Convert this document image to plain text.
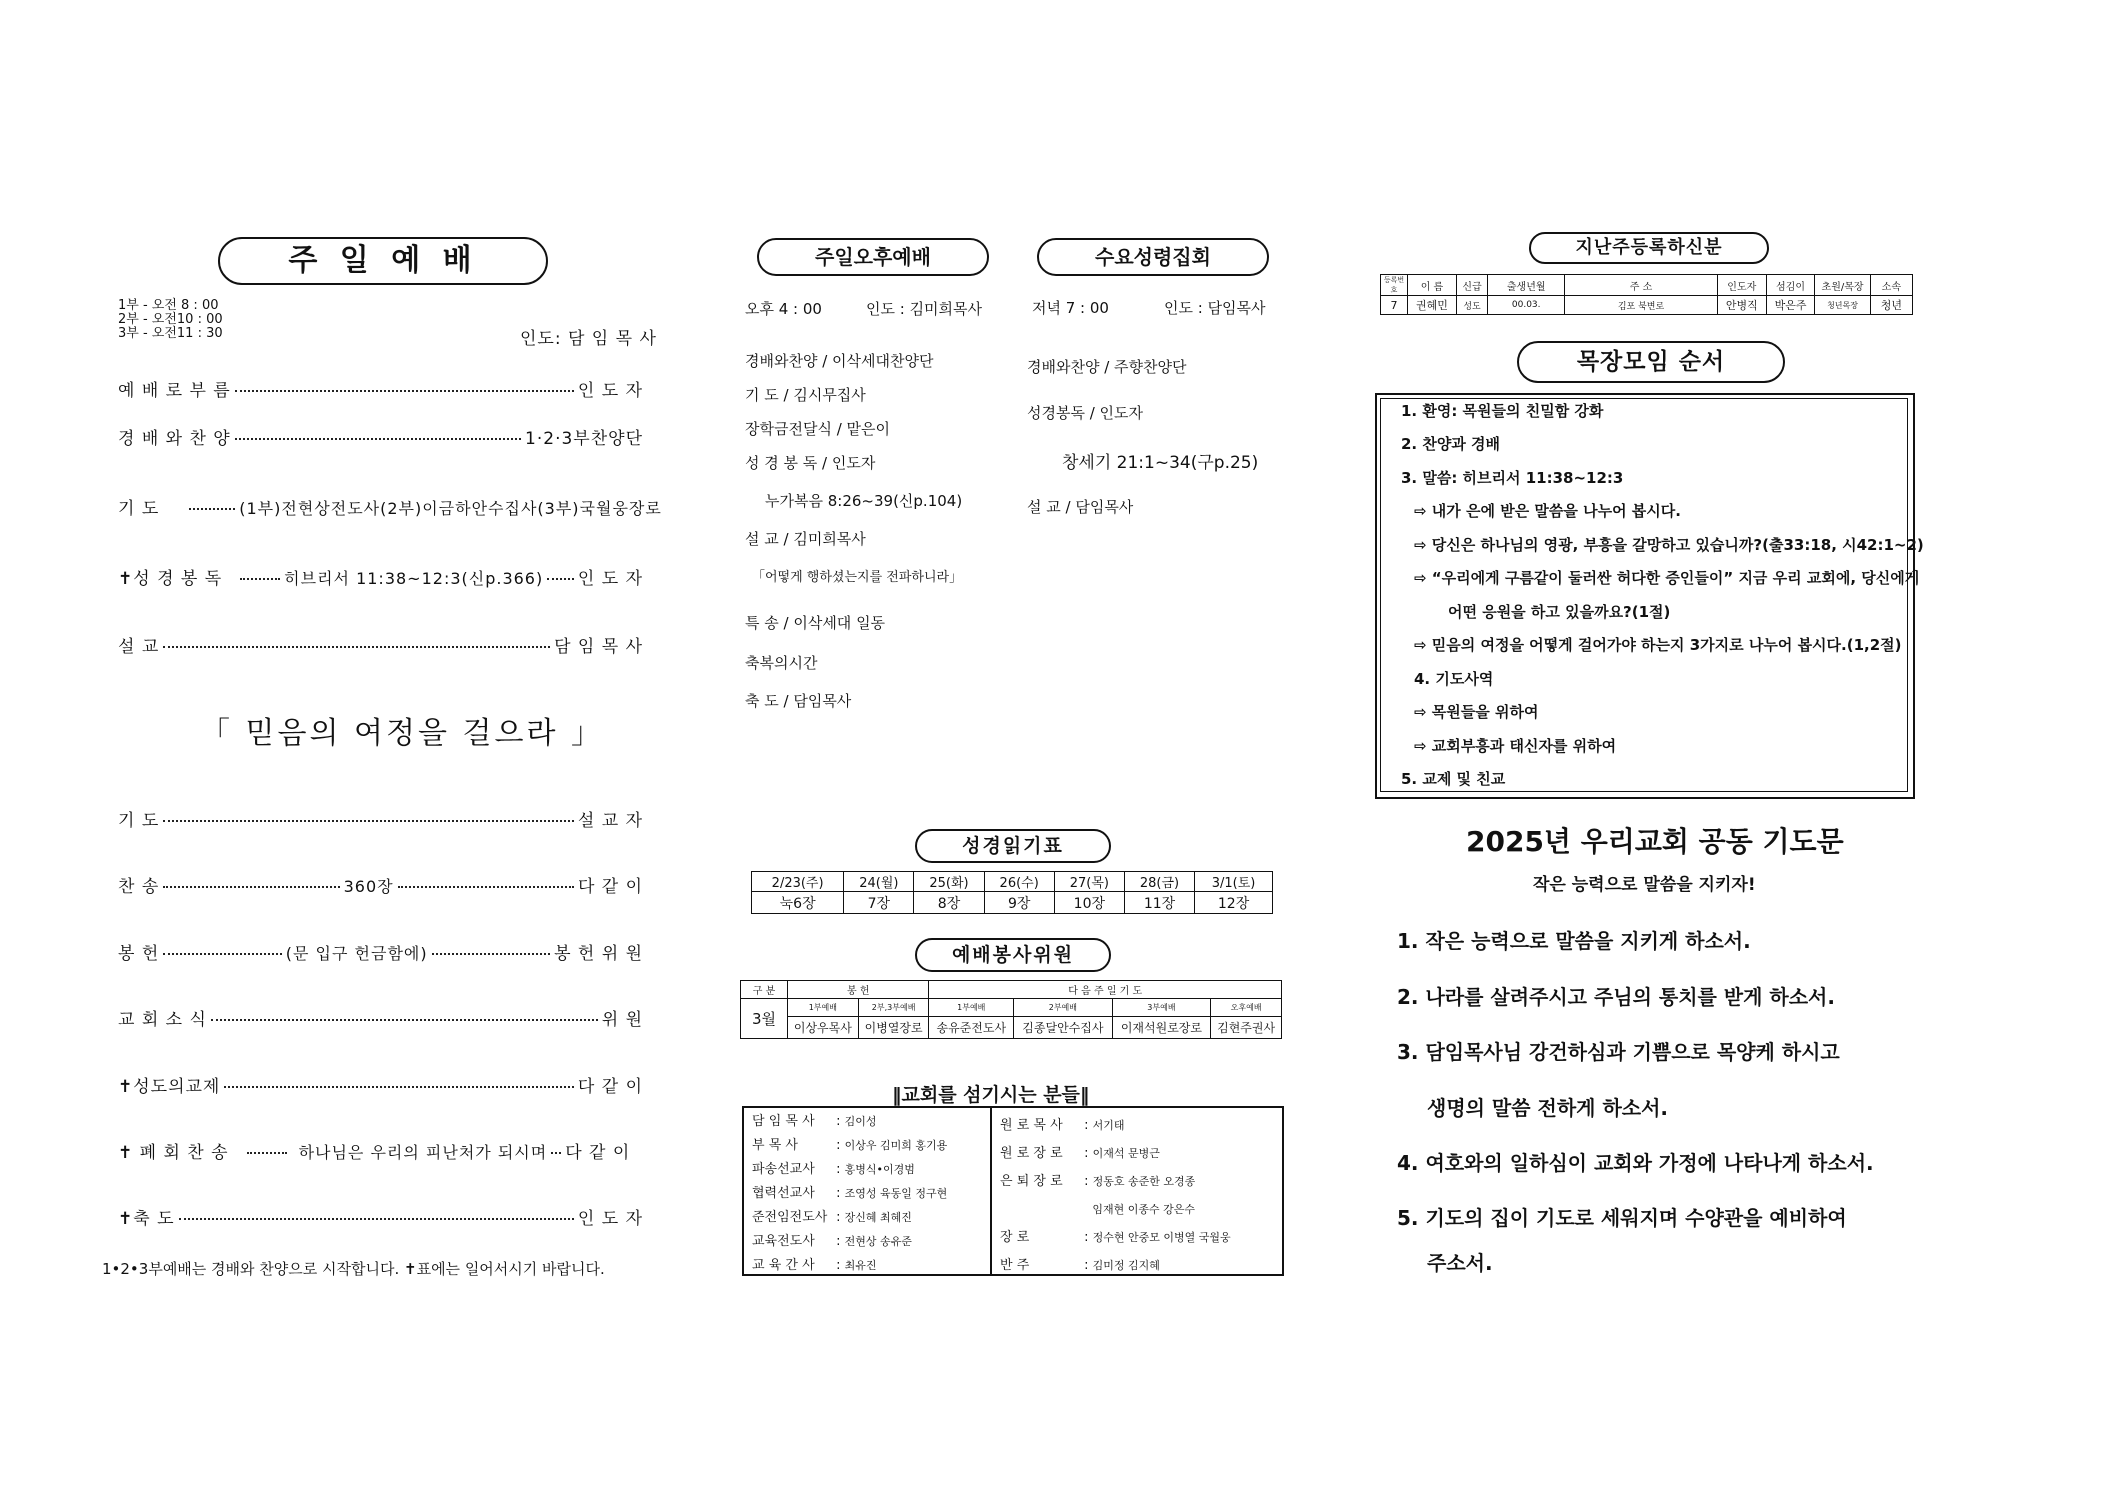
주 일 예 배
1부 - 오전 8 : 00
2부 - 오전10 : 00
3부 - 오전11 : 30	인도: 담 임 목 사
예 배 로 부 름	인 도 자
경 배 와 찬 양	1·2·3부찬양단
기 도	(1부)전현상전도사(2부)이금하안수집사(3부)국월웅장로
✝성 경 봉 독	히브리서 11:38~12:3(신p.366) 인 도 자
설 교	담 임 목 사
「 믿음의 여정을 걸으라 」
기 도	설 교 자
찬 송	360장	다 같 이
봉 헌	(문 입구 헌금함에)	봉 헌 위 원
교 회 소 식	위 원
✝성도의교제	다 같 이
✝ 폐 회 찬 송	하나님은 우리의 피난처가 되시며 다 같 이
✝축 도	인 도 자
1•2•3부예배는 경배와 찬양으로 시작합니다. ✝표에는 일어서시기 바랍니다.
주일오후예배
오후 4 : 00	인도 : 김미희목사
경배와찬양 / 이삭세대찬양단
기 도 / 김시무집사
장학금전달식 / 맡은이
성 경 봉 독 / 인도자
누가복음 8:26~39(신p.104)
설 교 / 김미희목사
「어떻게 행하셨는지를 전파하니라」
특 송 / 이삭세대 일동
축복의시간
축 도 / 담임목사
수요성령집회
저녁 7 : 00	인도 : 담임목사
경배와찬양 / 주향찬양단
성경봉독 / 인도자
창세기 21:1~34(구p.25)
설 교 / 담임목사
성경읽기표
2/23(주)	24(월)	25(화)	26(수)	27(목)	28(금)	3/1(토)
눅6장	7장	8장	9장	10장	11장	12장
예배봉사위원
구 분	봉 헌		다 음 주 일 기 도			
3월	1부예배	2부,3부예배	1부예배	2부예배	3부예배	오후예배
	이상우목사	이병열장로	송유준전도사	김종달안수집사	이재석원로장로	김현주권사
‖교회를 섬기시는 분들‖
담 임 목 사 : 김이성
부 목 사	: 이상우 김미희 홍기용
파송선교사 : 홍병식•이경범
협력선교사 : 조영성 육동일 정구현
준전임전도사 : 장신혜 최혜진
교육전도사 : 전현상 송유준
교 육 간 사 : 최유진
원 로 목 사 : 서기태
원 로 장 로 : 이재석 문병근
은 퇴 장 로 : 정동호 송준한 오경종
임재현 이종수 강은수
장 로	: 정수현 안중모 이병열 국월웅
반 주	: 김미정 김지혜
지난주등록하신분
등록번호	이 름	신급	출생년월	주 소	인도자	섬김이	초원/목장	소속
7	권혜민	성도	00.03.	김포 북변로	안병직	박은주	청년목장	청년
목장모임 순서
1. 환영: 목원들의 친밀함 강화
2. 찬양과 경배
3. 말씀: 히브리서 11:38~12:3
⇨ 내가 은에 받은 말씀을 나누어 봅시다.
⇨ 당신은 하나님의 영광, 부흥을 갈망하고 있습니까?(출33:18, 시42:1~2)
⇨ “우리에게 구름같이 둘러싼 허다한 증인들이” 지금 우리 교회에, 당신에게
어떤 응원을 하고 있을까요?(1절)
⇨ 믿음의 여정을 어떻게 걸어가야 하는지 3가지로 나누어 봅시다.(1,2절)
4. 기도사역
⇨ 목원들을 위하여
⇨ 교회부흥과 태신자를 위하여
5. 교제 및 친교
2025년 우리교회 공동 기도문
작은 능력으로 말씀을 지키자!
1. 작은 능력으로 말씀을 지키게 하소서.
2. 나라를 살려주시고 주님의 통치를 받게 하소서.
3. 담임목사님 강건하심과 기쁨으로 목양케 하시고
생명의 말씀 전하게 하소서.
4. 여호와의 일하심이 교회와 가정에 나타나게 하소서.
5. 기도의 집이 기도로 세워지며 수양관을 예비하여
주소서.
